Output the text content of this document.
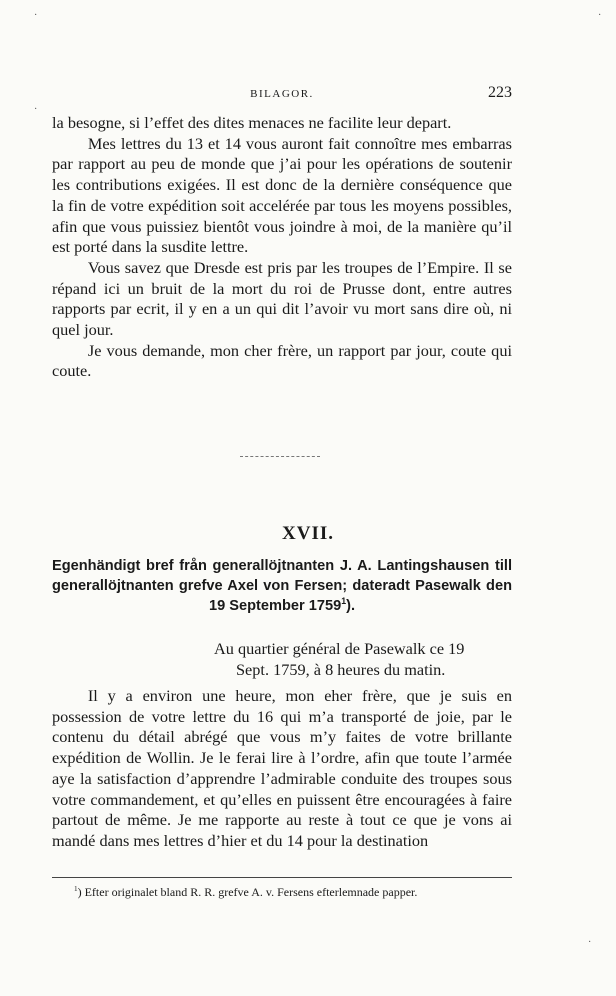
BILAGOR.	223

la besogne, si l’effet des dites menaces ne facilite leur depart.

Mes lettres du 13 et 14 vous auront fait connoître mes embarras par rapport au peu de monde que j’ai pour les opérations de soutenir les contributions exigées. Il est donc de la dernière conséquence que la fin de votre expédition soit accelérée par tous les moyens possibles, afin que vous puissiez bientôt vous joindre à moi, de la manière qu’il est porté dans la susdite lettre.

Vous savez que Dresde est pris par les troupes de l’Empire. Il se répand ici un bruit de la mort du roi de Prusse dont, entre autres rapports par ecrit, il y en a un qui dit l’avoir vu mort sans dire où, ni quel jour.

Je vous demande, mon cher frère, un rapport par jour, coute qui coute.

XVII.
Egenhändigt bref från generallöjtnanten J. A. Lantingshausen till generallöjtnanten grefve Axel von Fersen; dateradt Pasewalk den 19 September 1759$^1$).
Au quartier général de Pasewalk ce 19
Sept. 1759, à 8 heures du matin.

Il y a environ une heure, mon eher frère, que je suis en possession de votre lettre du 16 qui m’a transporté de joie, par le contenu du détail abrégé que vous m’y faites de votre brillante expédition de Wollin. Je le ferai lire à l’ordre, afin que toute l’armée aye la satisfaction d’apprendre l’admirable conduite des troupes sous votre commandement, et qu’elles en puissent être encouragées à faire partout de même. Je me rapporte au reste à tout ce que je vons ai mandé dans mes lettres d’hier et du 14 pour la destination

$^1$) Efter originalet bland R. R. grefve A. v. Fersens efterlemnade papper.
·
·
·
·
